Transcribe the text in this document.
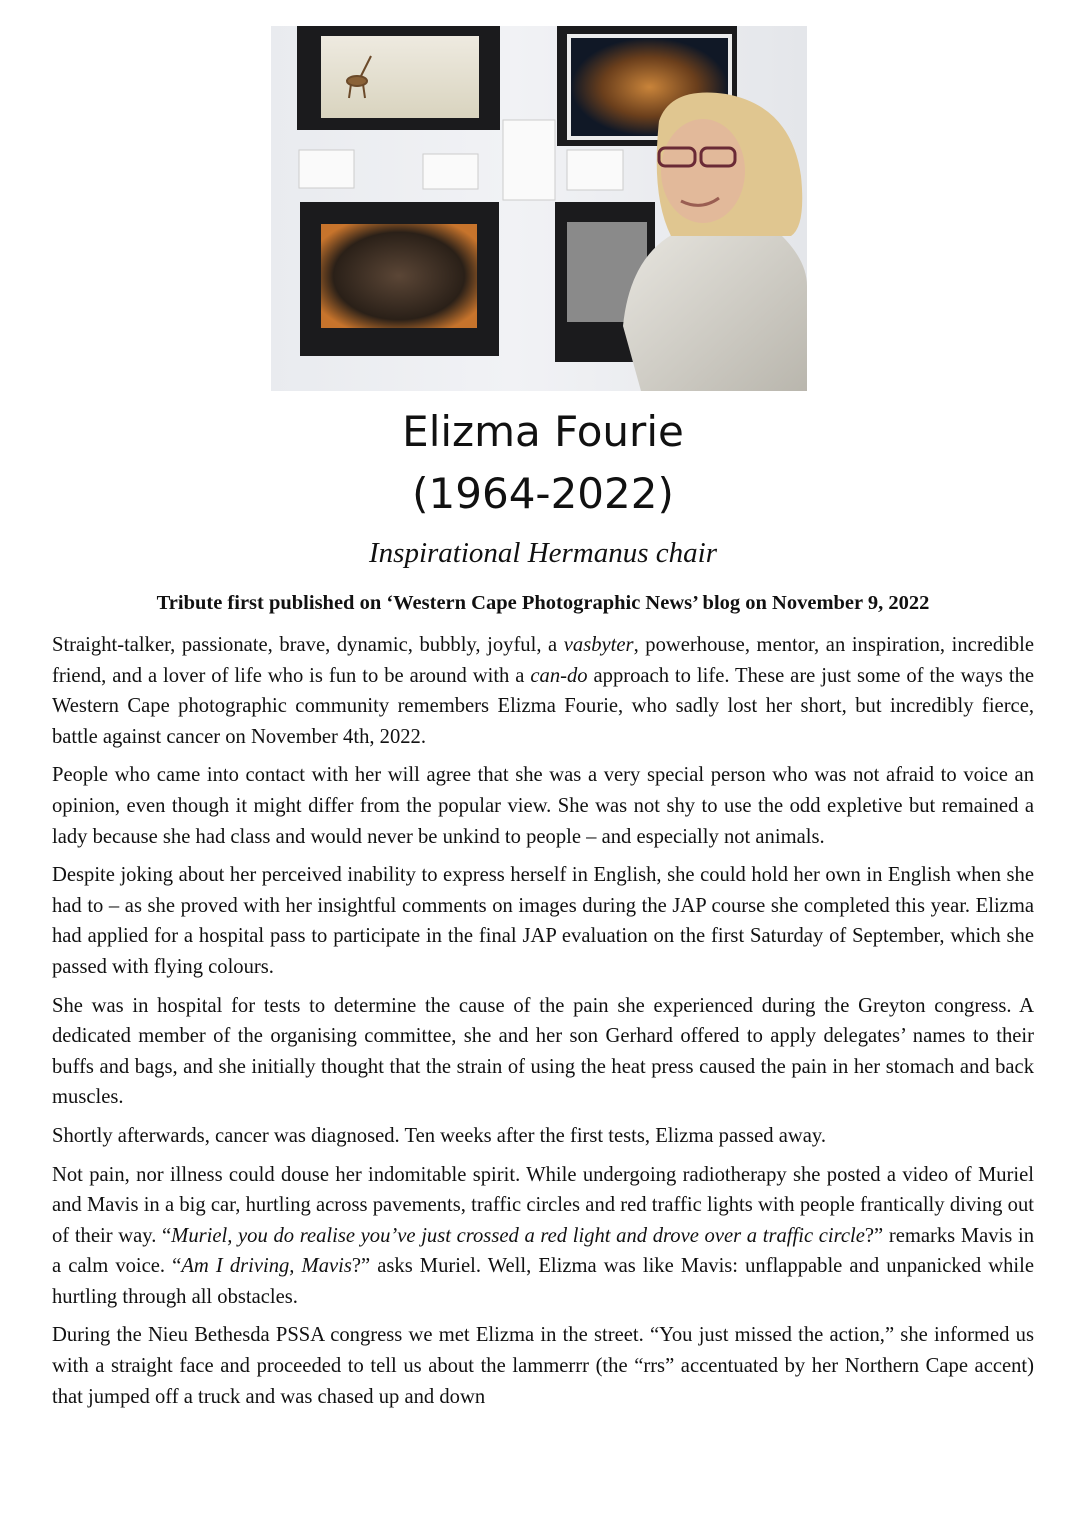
Elizma Fourie
(1964-2022)
Inspirational Hermanus chair
Tribute first published on ‘Western Cape Photographic News’ blog on November 9, 2022

Straight-talker, passionate, brave, dynamic, bubbly, joyful, a vasbyter, powerhouse, mentor, an inspiration, incredible friend, and a lover of life who is fun to be around with a can-do approach to life. These are just some of the ways the Western Cape photographic community remembers Elizma Fourie, who sadly lost her short, but incredibly fierce, battle against cancer on November 4th, 2022.

People who came into contact with her will agree that she was a very special person who was not afraid to voice an opinion, even though it might differ from the popular view. She was not shy to use the odd expletive but remained a lady because she had class and would never be unkind to people – and especially not animals.

Despite joking about her perceived inability to express herself in English, she could hold her own in English when she had to – as she proved with her insightful comments on images during the JAP course she completed this year. Elizma had applied for a hospital pass to participate in the final JAP evaluation on the first Saturday of September, which she passed with flying colours.

She was in hospital for tests to determine the cause of the pain she experienced during the Greyton congress. A dedicated member of the organising committee, she and her son Gerhard offered to apply delegates’ names to their buffs and bags, and she initially thought that the strain of using the heat press caused the pain in her stomach and back muscles.

Shortly afterwards, cancer was diagnosed. Ten weeks after the first tests, Elizma passed away.

Not pain, nor illness could douse her indomitable spirit. While undergoing radiotherapy she posted a video of Muriel and Mavis in a big car, hurtling across pavements, traffic circles and red traffic lights with people frantically diving out of their way. “Muriel, you do realise you’ve just crossed a red light and drove over a traffic circle?” remarks Mavis in a calm voice. “Am I driving, Mavis?” asks Muriel. Well, Elizma was like Mavis: unflappable and unpanicked while hurtling through all obstacles.

During the Nieu Bethesda PSSA congress we met Elizma in the street. “You just missed the action,” she informed us with a straight face and proceeded to tell us about the lammerrr (the “rrs” accentuated by her Northern Cape accent) that jumped off a truck and was chased up and down
